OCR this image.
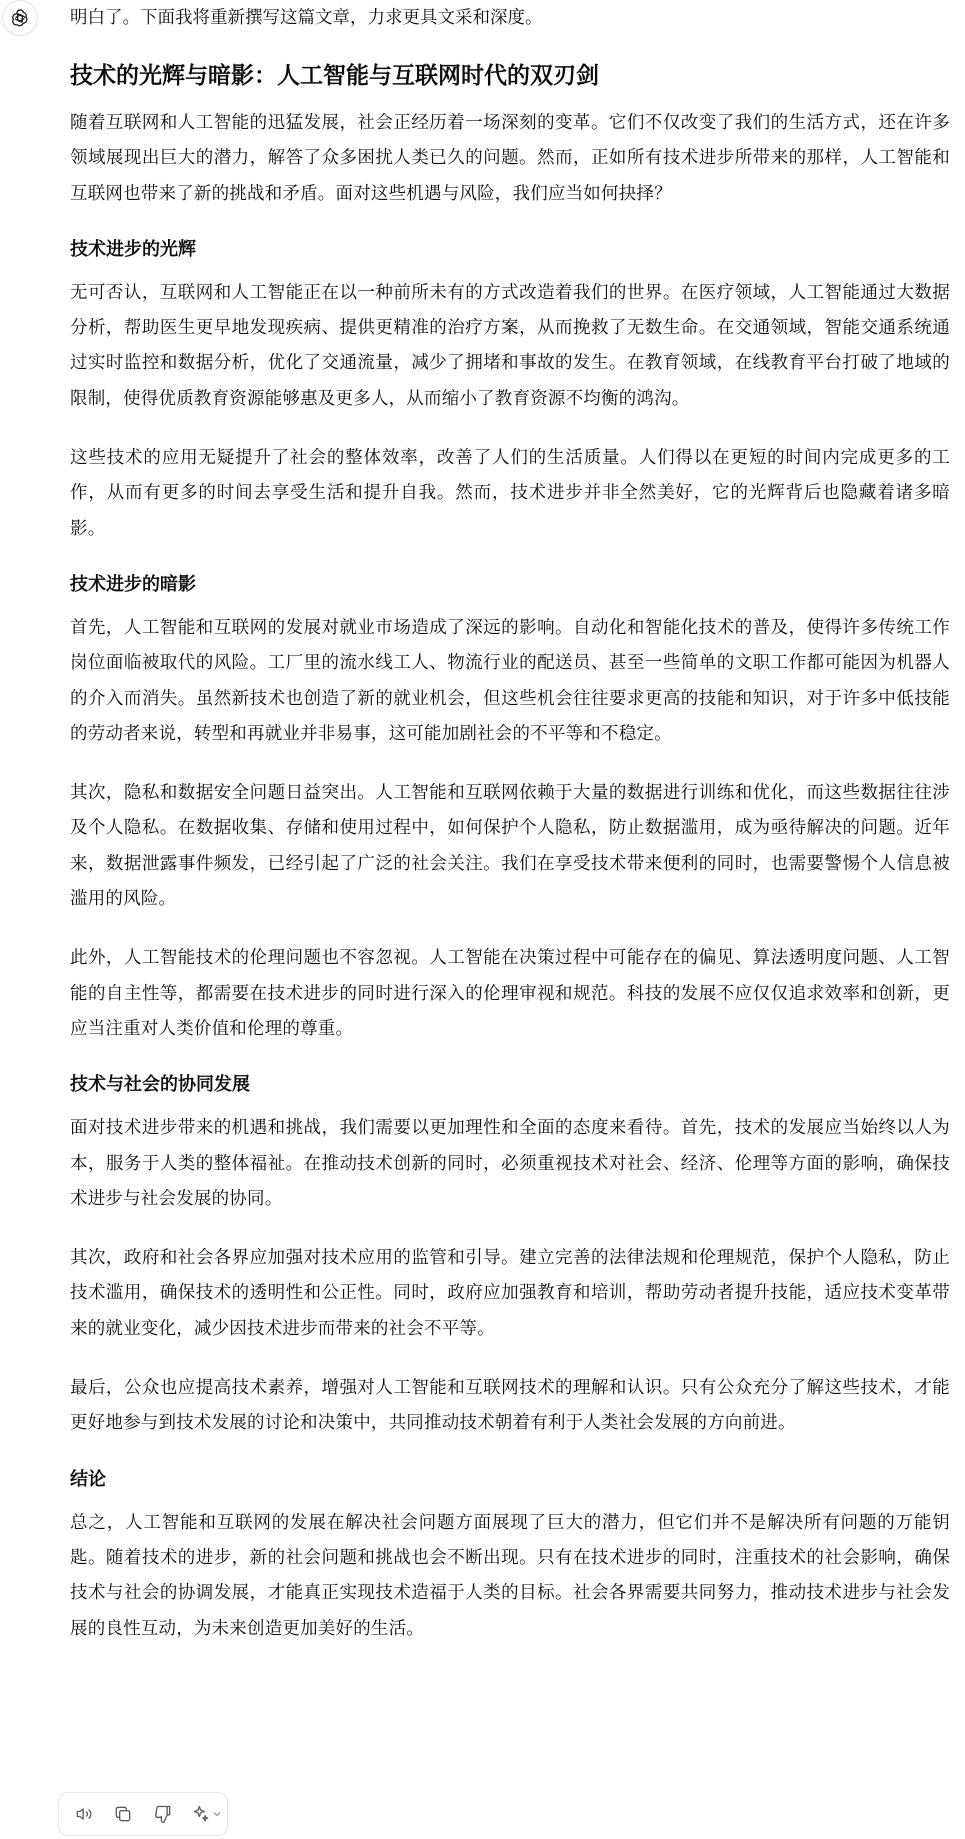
明白了。下面我将重新撰写这篇文章，力求更具文采和深度。

技术的光辉与暗影：人工智能与互联网时代的双刃剑

随着互联网和人工智能的迅猛发展，社会正经历着一场深刻的变革。它们不仅改变了我们的生活方式，还在许多领域展现出巨大的潜力，解答了众多困扰人类已久的问题。然而，正如所有技术进步所带来的那样，人工智能和互联网也带来了新的挑战和矛盾。面对这些机遇与风险，我们应当如何抉择？

技术进步的光辉

无可否认，互联网和人工智能正在以一种前所未有的方式改造着我们的世界。在医疗领域，人工智能通过大数据分析，帮助医生更早地发现疾病、提供更精准的治疗方案，从而挽救了无数生命。在交通领域，智能交通系统通过实时监控和数据分析，优化了交通流量，减少了拥堵和事故的发生。在教育领域，在线教育平台打破了地域的限制，使得优质教育资源能够惠及更多人，从而缩小了教育资源不均衡的鸿沟。

这些技术的应用无疑提升了社会的整体效率，改善了人们的生活质量。人们得以在更短的时间内完成更多的工作，从而有更多的时间去享受生活和提升自我。然而，技术进步并非全然美好，它的光辉背后也隐藏着诸多暗影。

技术进步的暗影

首先，人工智能和互联网的发展对就业市场造成了深远的影响。自动化和智能化技术的普及，使得许多传统工作岗位面临被取代的风险。工厂里的流水线工人、物流行业的配送员、甚至一些简单的文职工作都可能因为机器人的介入而消失。虽然新技术也创造了新的就业机会，但这些机会往往要求更高的技能和知识，对于许多中低技能的劳动者来说，转型和再就业并非易事，这可能加剧社会的不平等和不稳定。

其次，隐私和数据安全问题日益突出。人工智能和互联网依赖于大量的数据进行训练和优化，而这些数据往往涉及个人隐私。在数据收集、存储和使用过程中，如何保护个人隐私，防止数据滥用，成为亟待解决的问题。近年来，数据泄露事件频发，已经引起了广泛的社会关注。我们在享受技术带来便利的同时，也需要警惕个人信息被滥用的风险。

此外，人工智能技术的伦理问题也不容忽视。人工智能在决策过程中可能存在的偏见、算法透明度问题、人工智能的自主性等，都需要在技术进步的同时进行深入的伦理审视和规范。科技的发展不应仅仅追求效率和创新，更应当注重对人类价值和伦理的尊重。

技术与社会的协同发展

面对技术进步带来的机遇和挑战，我们需要以更加理性和全面的态度来看待。首先，技术的发展应当始终以人为本，服务于人类的整体福祉。在推动技术创新的同时，必须重视技术对社会、经济、伦理等方面的影响，确保技术进步与社会发展的协同。

其次，政府和社会各界应加强对技术应用的监管和引导。建立完善的法律法规和伦理规范，保护个人隐私，防止技术滥用，确保技术的透明性和公正性。同时，政府应加强教育和培训，帮助劳动者提升技能，适应技术变革带来的就业变化，减少因技术进步而带来的社会不平等。

最后，公众也应提高技术素养，增强对人工智能和互联网技术的理解和认识。只有公众充分了解这些技术，才能更好地参与到技术发展的讨论和决策中，共同推动技术朝着有利于人类社会发展的方向前进。

结论

总之，人工智能和互联网的发展在解决社会问题方面展现了巨大的潜力，但它们并不是解决所有问题的万能钥匙。随着技术的进步，新的社会问题和挑战也会不断出现。只有在技术进步的同时，注重技术的社会影响，确保技术与社会的协调发展，才能真正实现技术造福于人类的目标。社会各界需要共同努力，推动技术进步与社会发展的良性互动，为未来创造更加美好的生活。
